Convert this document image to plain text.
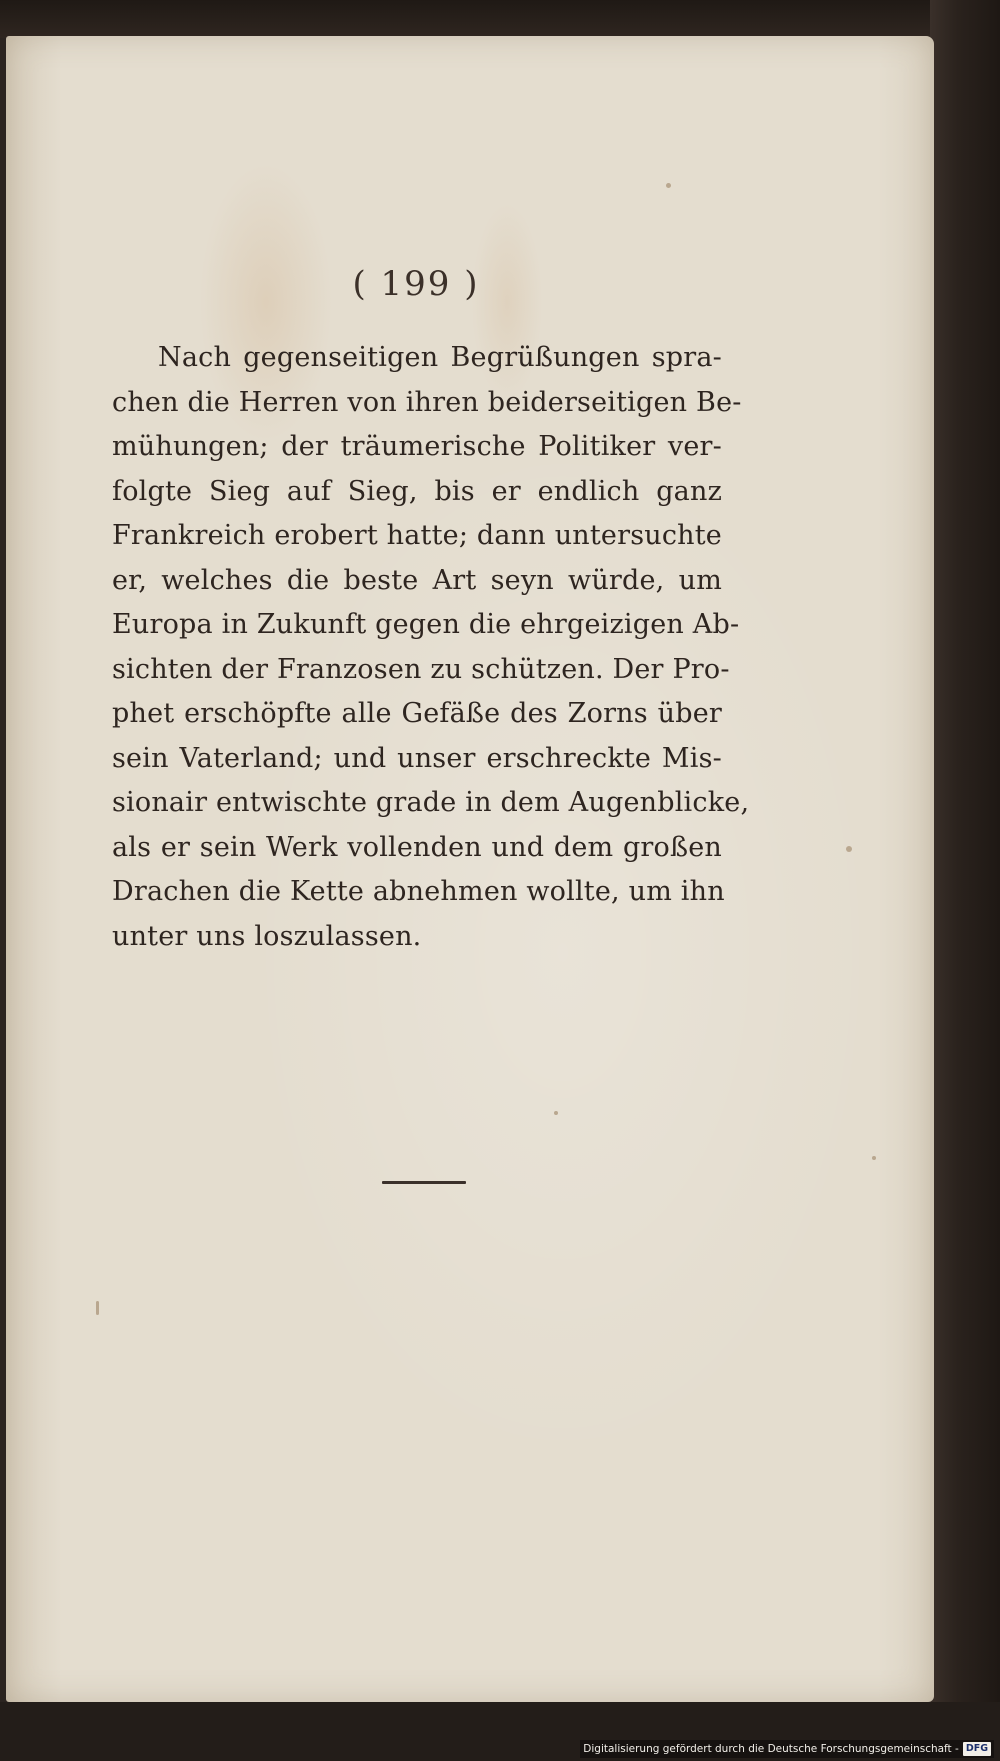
( 199 )
Nach gegenseitigen Begrüßungen spra-
chen die Herren von ihren beiderseitigen Be-
mühungen; der träumerische Politiker ver-
folgte Sieg auf Sieg, bis er endlich ganz
Frankreich erobert hatte; dann untersuchte
er, welches die beste Art seyn würde, um
Europa in Zukunft gegen die ehrgeizigen Ab-
sichten der Franzosen zu schützen. Der Pro-
phet erschöpfte alle Gefäße des Zorns über
sein Vaterland; und unser erschreckte Mis-
sionair entwischte grade in dem Augenblicke,
als er sein Werk vollenden und dem großen
Drachen die Kette abnehmen wollte, um ihn
unter uns loszulassen.
Digitalisierung gefördert durch die Deutsche Forschungsgemeinschaft - DFG
